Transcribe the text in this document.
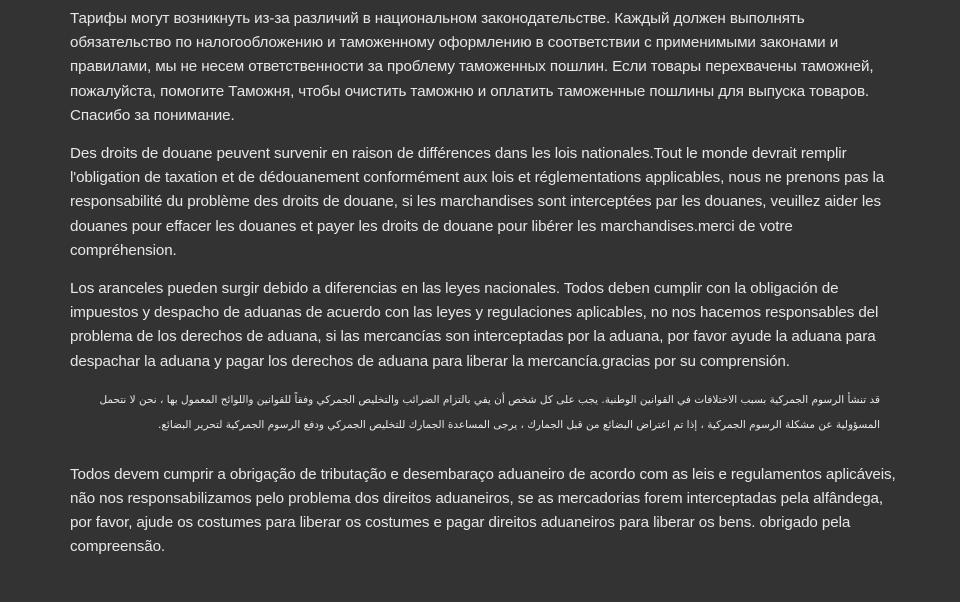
Тарифы могут возникнуть из-за различий в национальном законодательстве. Каждый должен выполнять обязательство по налогообложению и таможенному оформлению в соответствии с применимыми законами и правилами, мы не несем ответственности за проблему таможенных пошлин. Если товары перехвачены таможней, пожалуйста, помогите Таможня, чтобы очистить таможню и оплатить таможенные пошлины для выпуска товаров. Спасибо за понимание.

Des droits de douane peuvent survenir en raison de différences dans les lois nationales.Tout le monde devrait remplir l'obligation de taxation et de dédouanement conformément aux lois et réglementations applicables, nous ne prenons pas la responsabilité du problème des droits de douane, si les marchandises sont interceptées par les douanes, veuillez aider les douanes pour effacer les douanes et payer les droits de douane pour libérer les marchandises.merci de votre compréhension.

Los aranceles pueden surgir debido a diferencias en las leyes nacionales. Todos deben cumplir con la obligación de impuestos y despacho de aduanas de acuerdo con las leyes y regulaciones aplicables, no nos hacemos responsables del problema de los derechos de aduana, si las mercancías son interceptadas por la aduana, por favor ayude la aduana para despachar la aduana y pagar los derechos de aduana para liberar la mercancía.gracias por su comprensión.

قد تنشأ الرسوم الجمركية بسبب الاختلافات في القوانين الوطنية. يجب على كل شخص أن يفي بالتزام الضرائب والتخليص الجمركي وفقاً للقوانين واللوائح المعمول بها ، نحن لا نتحمل المسؤولية عن مشكلة الرسوم الجمركية ، إذا تم اعتراض البضائع من قبل الجمارك ، يرجى المساعدة الجمارك للتخليص الجمركي ودفع الرسوم الجمركية لتحرير البضائع.

Todos devem cumprir a obrigação de tributação e desembaraço aduaneiro de acordo com as leis e regulamentos aplicáveis, não nos responsabilizamos pelo problema dos direitos aduaneiros, se as mercadorias forem interceptadas pela alfândega, por favor, ajude os costumes para liberar os costumes e pagar direitos aduaneiros para liberar os bens. obrigado pela compreensão.
